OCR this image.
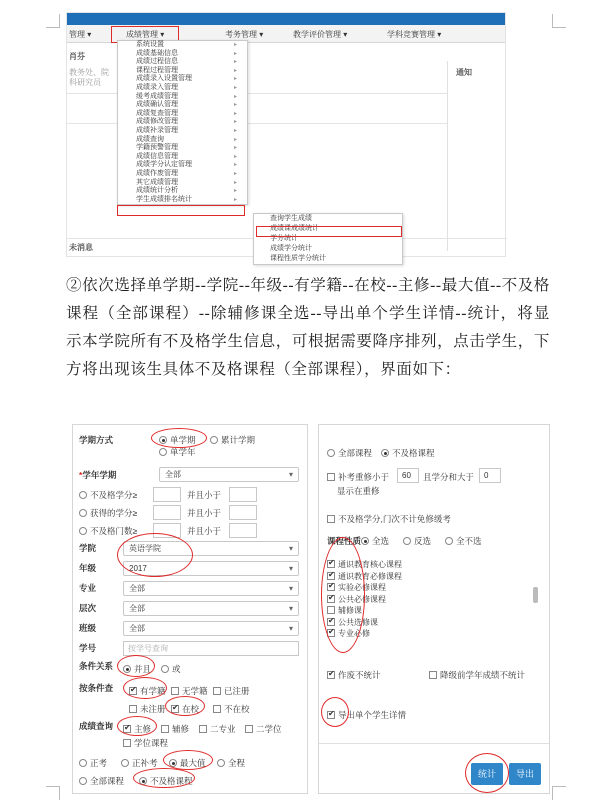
管理 ▾	成绩管理 ▾	考务管理 ▾	教学评价管理 ▾	学科竞赛管理 ▾
肖芬
教务处、院
科研究员
通知
未消息
系统设置 ▸
成绩基础信息 ▸
成绩过程信息 ▸
课程过程管理 ▸
成绩录入设置管理 ▸
成绩录入管理 ▸
缓考成绩管理 ▸
成绩确认管理 ▸
成绩复查管理 ▸
成绩修改管理 ▸
成绩补录管理 ▸
成绩查询 ▸
学籍预警管理 ▸
成绩信息管理 ▸
成绩学分认定管理 ▸
成绩作废管理 ▸
其它成绩管理 ▸
成绩统计分析 ▸
学生成绩排名统计 ▸
查询学生成绩
成绩课成绩统计
学分统计
成绩学分统计
课程性质学分统计
②依次选择单学期--学院--年级--有学籍--在校--主修--最大值--不及格课程（全部课程）--除辅修课全选--导出单个学生详情--统计，将显示本学院所有不及格学生信息，可根据需要降序排列，点击学生，下方将出现该生具体不及格课程（全部课程），界面如下：
学期方式	单学期	累计学期
单学年
*学年学期	全部 ▾
不及格学分≥	并且小于
获得的学分≥	并且小于
不及格门数≥	并且小于
学院	英语学院 ▾
年级	2017 ▾
专业	全部 ▾
层次	全部 ▾
班级	全部 ▾
学号	按学号查询
条件关系	并且	或
按条件查 ✔	有学籍	无学籍	已注册
未注册 ✔	在校	不在校
成绩查询 ✔	主修	辅修	二专业	二学位
学位课程
正考	正补考	最大值	全程
全部课程	不及格课程
全部课程	不及格课程
补考重修小于	60	且学分和大于	0
显示在重修
不及格学分,门次不计免修缓考
课程性质	全选	反选	全不选
✔通识教育核心课程
✔通识教育必修课程
✔实验必修课程
✔公共必修课程
辅修课
✔公共选修课
✔专业必修
✔作废不统计	降级前学年成绩不统计
✔导出单个学生详情
统计	导出
